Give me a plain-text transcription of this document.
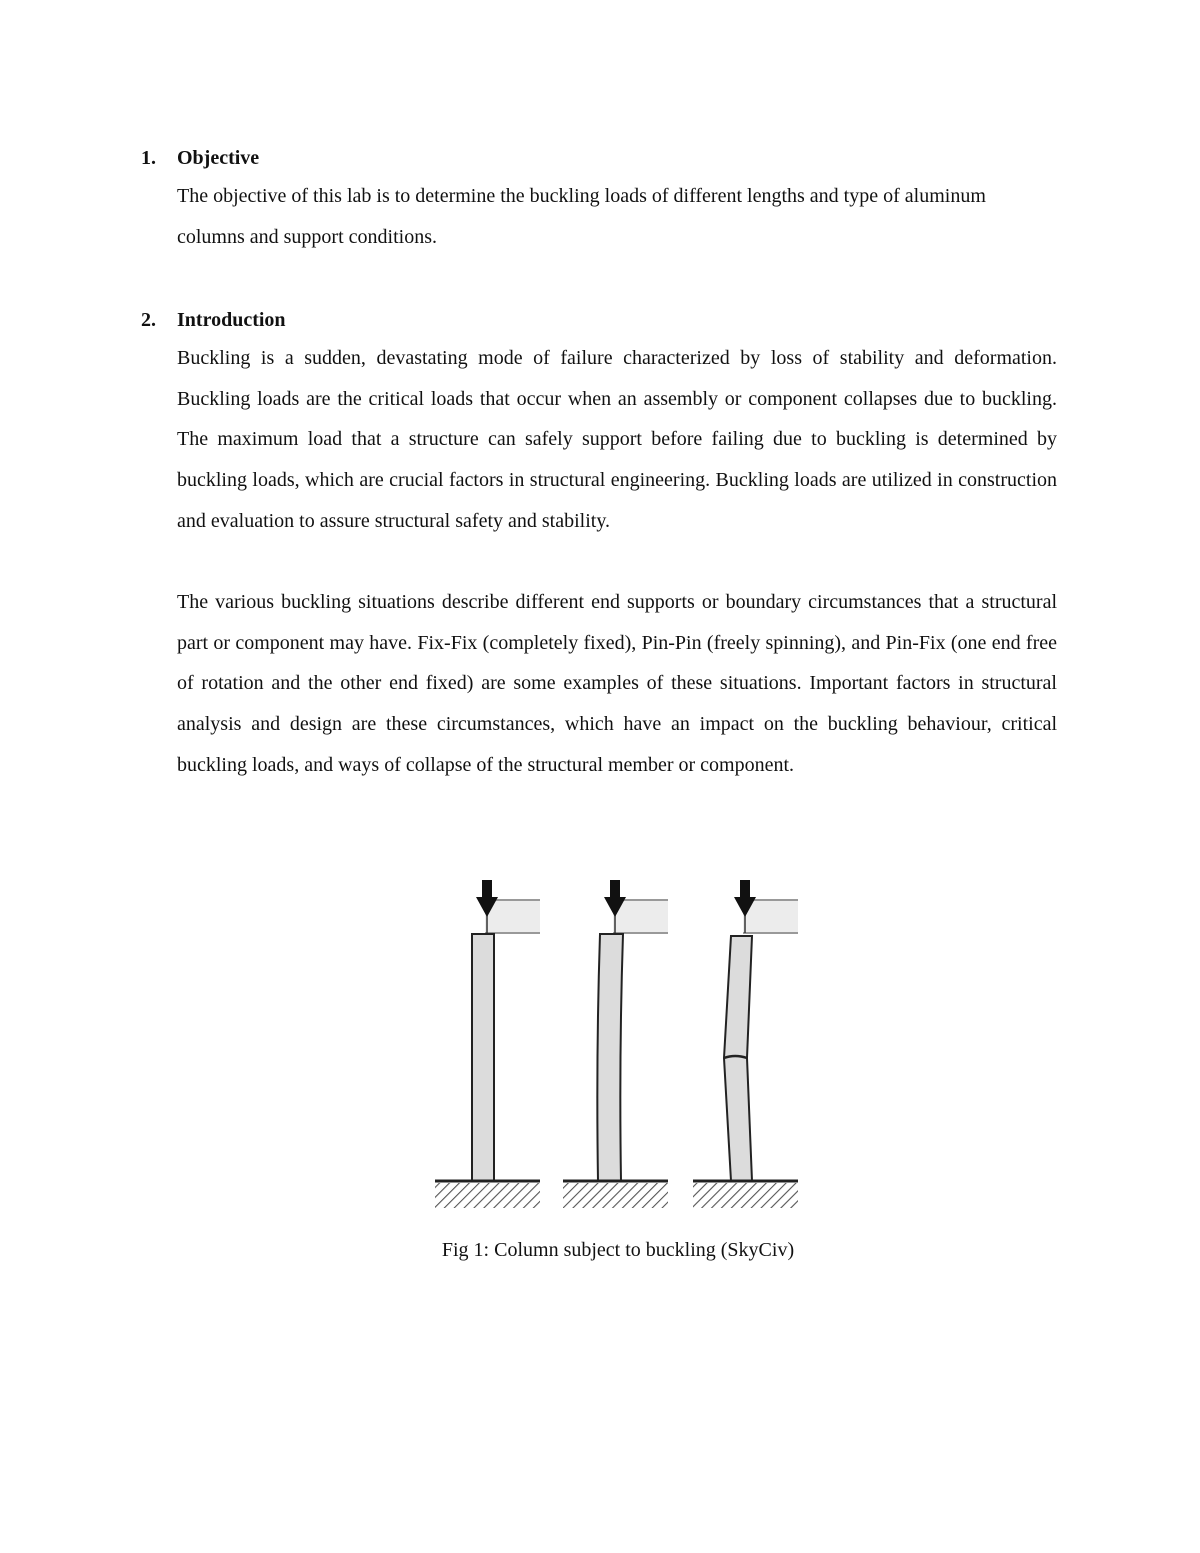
1. Objective
The objective of this lab is to determine the buckling loads of different lengths and type of aluminum columns and support conditions.
2. Introduction
Buckling is a sudden, devastating mode of failure characterized by loss of stability and deformation. Buckling loads are the critical loads that occur when an assembly or component collapses due to buckling. The maximum load that a structure can safely support before failing due to buckling is determined by buckling loads, which are crucial factors in structural engineering. Buckling loads are utilized in construction and evaluation to assure structural safety and stability.
The various buckling situations describe different end supports or boundary circumstances that a structural part or component may have. Fix-Fix (completely fixed), Pin-Pin (freely spinning), and Pin-Fix (one end free of rotation and the other end fixed) are some examples of these situations. Important factors in structural analysis and design are these circumstances, which have an impact on the buckling behaviour, critical buckling loads, and ways of collapse of the structural member or component.
Fig 1: Column subject to buckling (SkyCiv)
